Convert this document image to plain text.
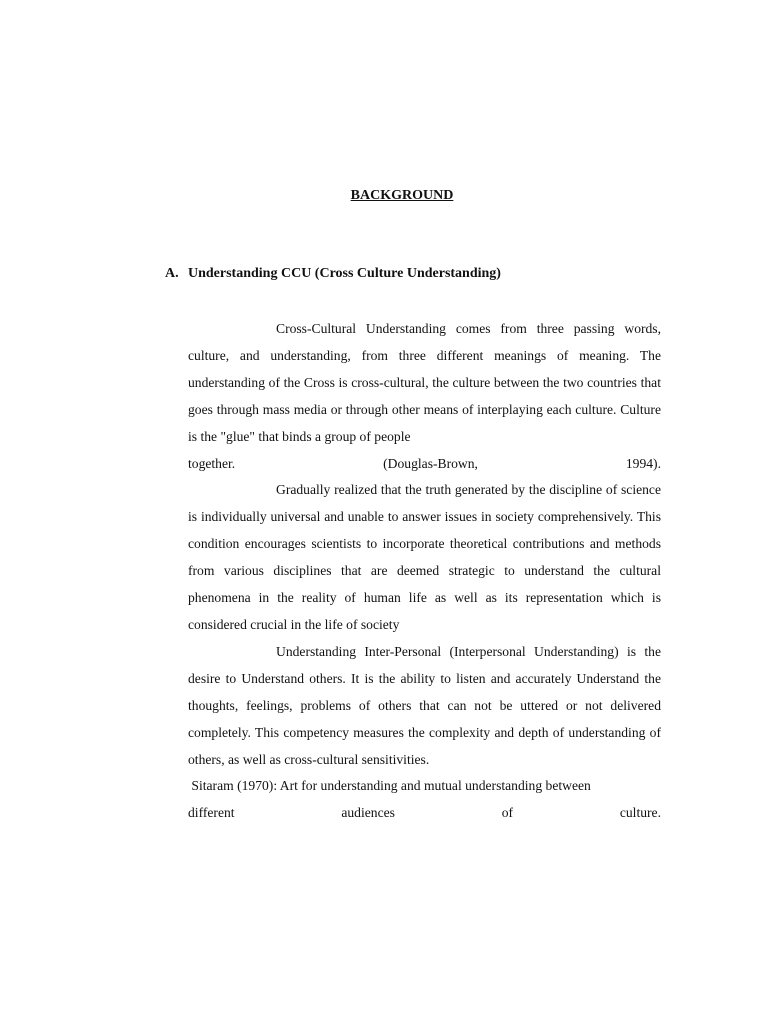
BACKGROUND
A. Understanding CCU (Cross Culture Understanding)

Cross-Cultural Understanding comes from three passing words, culture, and understanding, from three different meanings of meaning. The understanding of the Cross is cross-cultural, the culture between the two countries that goes through mass media or through other means of interplaying each culture. Culture is the "glue" that binds a group of people
together. (Douglas-Brown, 1994).

Gradually realized that the truth generated by the discipline of science is individually universal and unable to answer issues in society comprehensively. This condition encourages scientists to incorporate theoretical contributions and methods from various disciplines that are deemed strategic to understand the cultural phenomena in the reality of human life as well as its representation which is considered crucial in the life of society

Understanding Inter-Personal (Interpersonal Understanding) is the desire to Understand others. It is the ability to listen and accurately Understand the thoughts, feelings, problems of others that can not be uttered or not delivered completely. This competency measures the complexity and depth of understanding of others, as well as cross-cultural sensitivities.
Sitaram (1970): Art for understanding and mutual understanding between
different audiences of culture.
